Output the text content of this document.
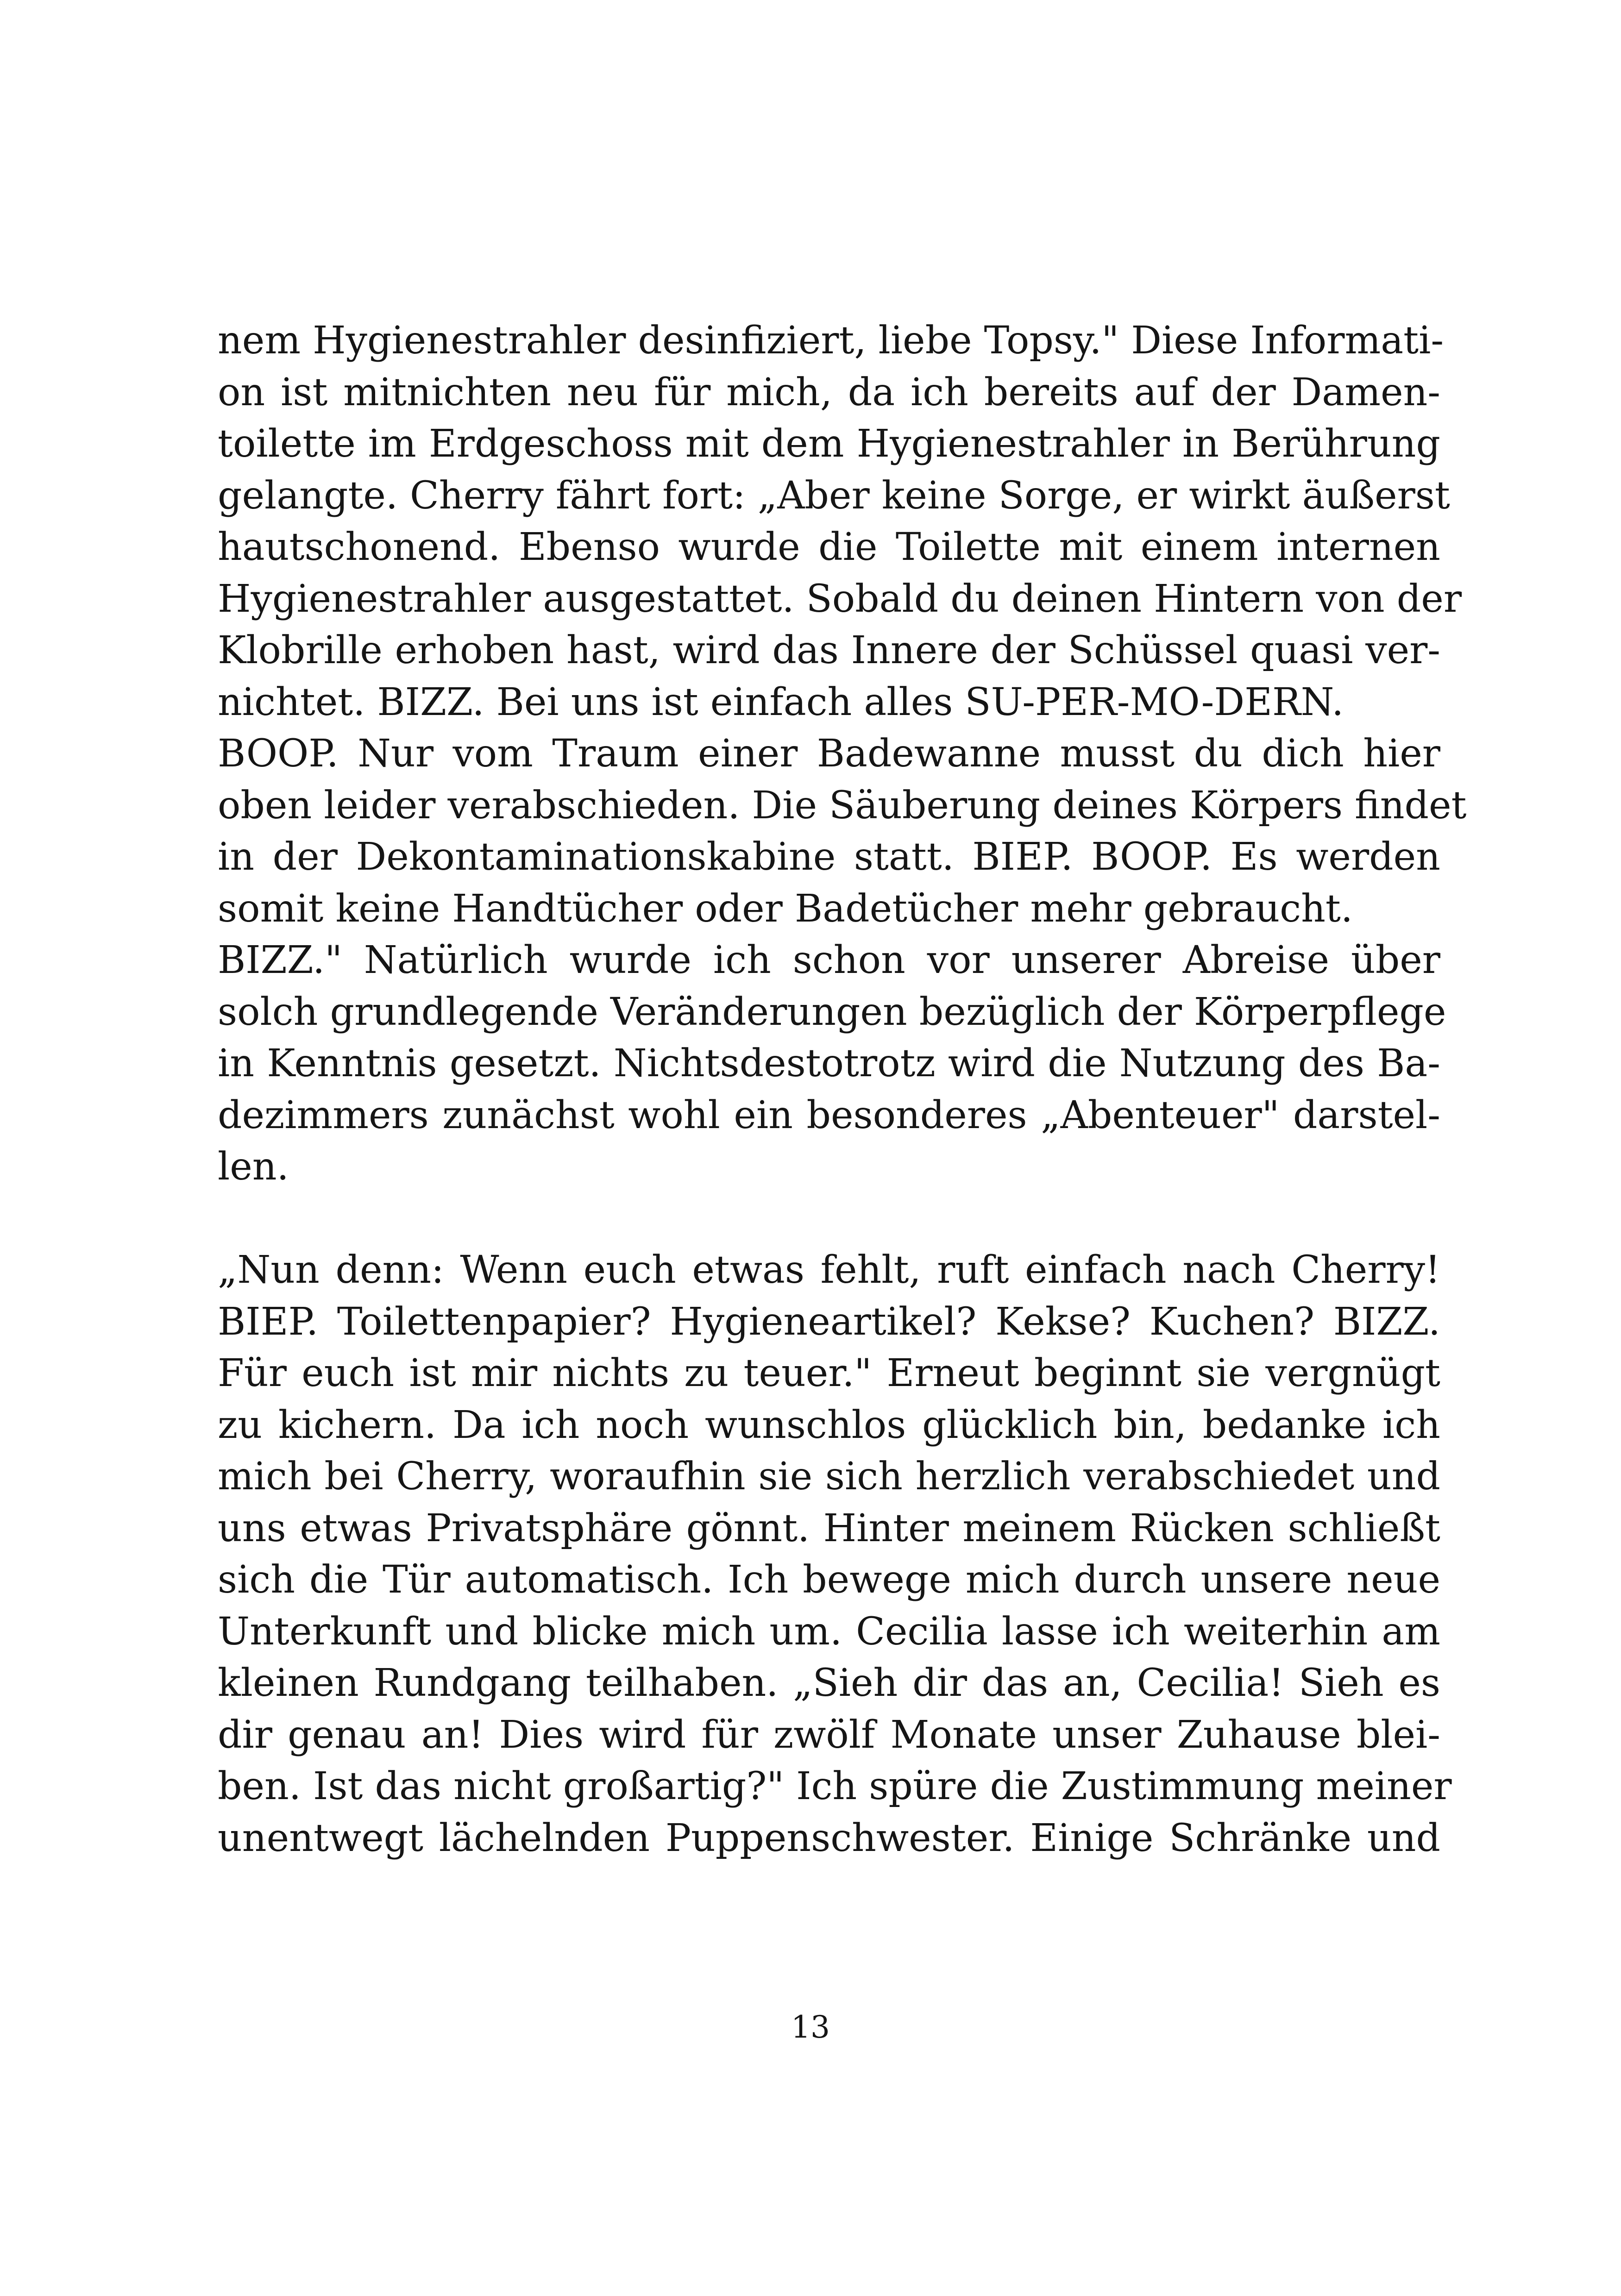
nem Hygienestrahler desinfiziert, liebe Topsy." Diese Informati-
on ist mitnichten neu für mich, da ich bereits auf der Damen-
toilette im Erdgeschoss mit dem Hygienestrahler in Berührung
gelangte. Cherry fährt fort: „Aber keine Sorge, er wirkt äußerst
hautschonend. Ebenso wurde die Toilette mit einem internen
Hygienestrahler ausgestattet. Sobald du deinen Hintern von der
Klobrille erhoben hast, wird das Innere der Schüssel quasi ver-
nichtet. BIZZ. Bei uns ist einfach alles SU-PER-MO-DERN.
BOOP. Nur vom Traum einer Badewanne musst du dich hier
oben leider verabschieden. Die Säuberung deines Körpers findet
in der Dekontaminationskabine statt. BIEP. BOOP. Es werden
somit keine Handtücher oder Badetücher mehr gebraucht.
BIZZ." Natürlich wurde ich schon vor unserer Abreise über
solch grundlegende Veränderungen bezüglich der Körperpflege
in Kenntnis gesetzt. Nichtsdestotrotz wird die Nutzung des Ba-
dezimmers zunächst wohl ein besonderes „Abenteuer" darstel-
len.
„Nun denn: Wenn euch etwas fehlt, ruft einfach nach Cherry!
BIEP. Toilettenpapier? Hygieneartikel? Kekse? Kuchen? BIZZ.
Für euch ist mir nichts zu teuer." Erneut beginnt sie vergnügt
zu kichern. Da ich noch wunschlos glücklich bin, bedanke ich
mich bei Cherry, woraufhin sie sich herzlich verabschiedet und
uns etwas Privatsphäre gönnt. Hinter meinem Rücken schließt
sich die Tür automatisch. Ich bewege mich durch unsere neue
Unterkunft und blicke mich um. Cecilia lasse ich weiterhin am
kleinen Rundgang teilhaben. „Sieh dir das an, Cecilia! Sieh es
dir genau an! Dies wird für zwölf Monate unser Zuhause blei-
ben. Ist das nicht großartig?" Ich spüre die Zustimmung meiner
unentwegt lächelnden Puppenschwester. Einige Schränke und
13
